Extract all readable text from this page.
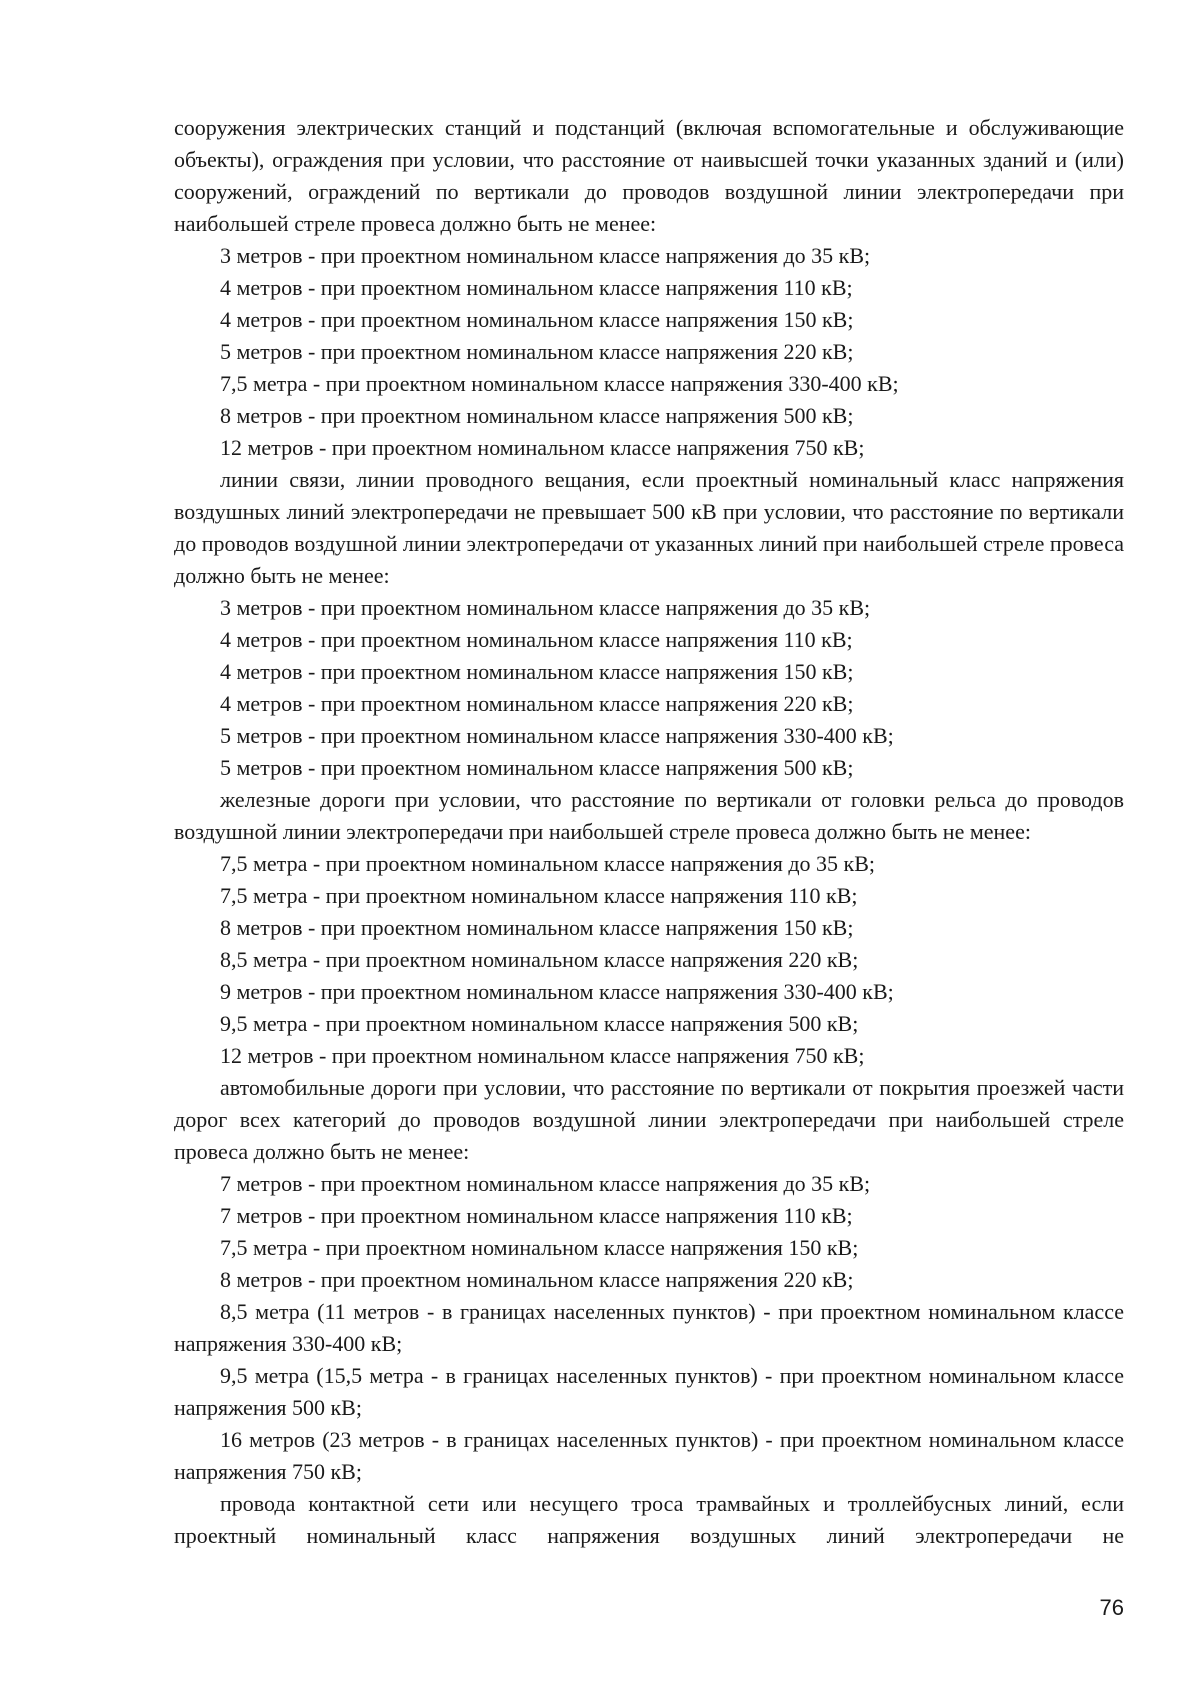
сооружения электрических станций и подстанций (включая вспомогательные и обслуживающие объекты), ограждения при условии, что расстояние от наивысшей точки указанных зданий и (или) сооружений, ограждений по вертикали до проводов воздушной линии электропередачи при наибольшей стреле провеса должно быть не менее:

3 метров - при проектном номинальном классе напряжения до 35 кВ;

4 метров - при проектном номинальном классе напряжения 110 кВ;

4 метров - при проектном номинальном классе напряжения 150 кВ;

5 метров - при проектном номинальном классе напряжения 220 кВ;

7,5 метра - при проектном номинальном классе напряжения 330-400 кВ;

8 метров - при проектном номинальном классе напряжения 500 кВ;

12 метров - при проектном номинальном классе напряжения 750 кВ;

линии связи, линии проводного вещания, если проектный номинальный класс напряжения воздушных линий электропередачи не превышает 500 кВ при условии, что расстояние по вертикали до проводов воздушной линии электропередачи от указанных линий при наибольшей стреле провеса должно быть не менее:

3 метров - при проектном номинальном классе напряжения до 35 кВ;

4 метров - при проектном номинальном классе напряжения 110 кВ;

4 метров - при проектном номинальном классе напряжения 150 кВ;

4 метров - при проектном номинальном классе напряжения 220 кВ;

5 метров - при проектном номинальном классе напряжения 330-400 кВ;

5 метров - при проектном номинальном классе напряжения 500 кВ;

железные дороги при условии, что расстояние по вертикали от головки рельса до проводов воздушной линии электропередачи при наибольшей стреле провеса должно быть не менее:

7,5 метра - при проектном номинальном классе напряжения до 35 кВ;

7,5 метра - при проектном номинальном классе напряжения 110 кВ;

8 метров - при проектном номинальном классе напряжения 150 кВ;

8,5 метра - при проектном номинальном классе напряжения 220 кВ;

9 метров - при проектном номинальном классе напряжения 330-400 кВ;

9,5 метра - при проектном номинальном классе напряжения 500 кВ;

12 метров - при проектном номинальном классе напряжения 750 кВ;

автомобильные дороги при условии, что расстояние по вертикали от покрытия проезжей части дорог всех категорий до проводов воздушной линии электропередачи при наибольшей стреле провеса должно быть не менее:

7 метров - при проектном номинальном классе напряжения до 35 кВ;

7 метров - при проектном номинальном классе напряжения 110 кВ;

7,5 метра - при проектном номинальном классе напряжения 150 кВ;

8 метров - при проектном номинальном классе напряжения 220 кВ;

8,5 метра (11 метров - в границах населенных пунктов) - при проектном номинальном классе напряжения 330-400 кВ;

9,5 метра (15,5 метра - в границах населенных пунктов) - при проектном номинальном классе напряжения 500 кВ;

16 метров (23 метров - в границах населенных пунктов) - при проектном номинальном классе напряжения 750 кВ;

провода контактной сети или несущего троса трамвайных и троллейбусных линий, если проектный номинальный класс напряжения воздушных линий электропередачи не

76
